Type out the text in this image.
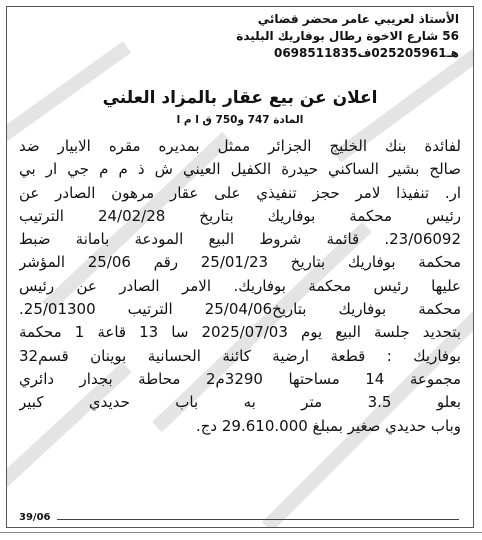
الأستاذ لعريبي عامر محضر قضائي
56 شارع الاخوة رطال بوفاريك البليدة
هـ025205961ف0698511835
اعلان عن بيع عقار بالمزاد العلني
المادة 747 و750 ق ا م ا
لفائدة بنك الخليج الجزائر ممثل بمديره مقره الابيار ضد
صالح بشير الساكني حيدرة الكفيل العيني ش ذ م م جي ار بي
ار. تنفيذا لامر حجز تنفيذي على عقار مرهون الصادر عن
رئيس محكمة بوفاريك بتاريخ 24/02/28 الترتيب
23/06092. قائمة شروط البيع المودعة بامانة ضبط
محكمة بوفاريك بتاريخ 25/01/23 رقم 25/06 المؤشر
عليها رئيس محكمة بوفاريك. الامر الصادر عن رئيس
محكمة بوفاريك بتاريخ25/04/06 الترتيب 25/01300.
بتحديد جلسة البيع يوم 2025/07/03 سا 13 قاعة 1 محكمة
بوفاريك : قطعة ارضية كائنة الحسانية بوينان قسم32
مجموعة 14 مساحتها 3290م2 محاطة بجدار دائري
بعلو 3.5 متر به باب حديدي كبير
وباب حديدي صغير بمبلغ 29.610.000 دج.
39/06
